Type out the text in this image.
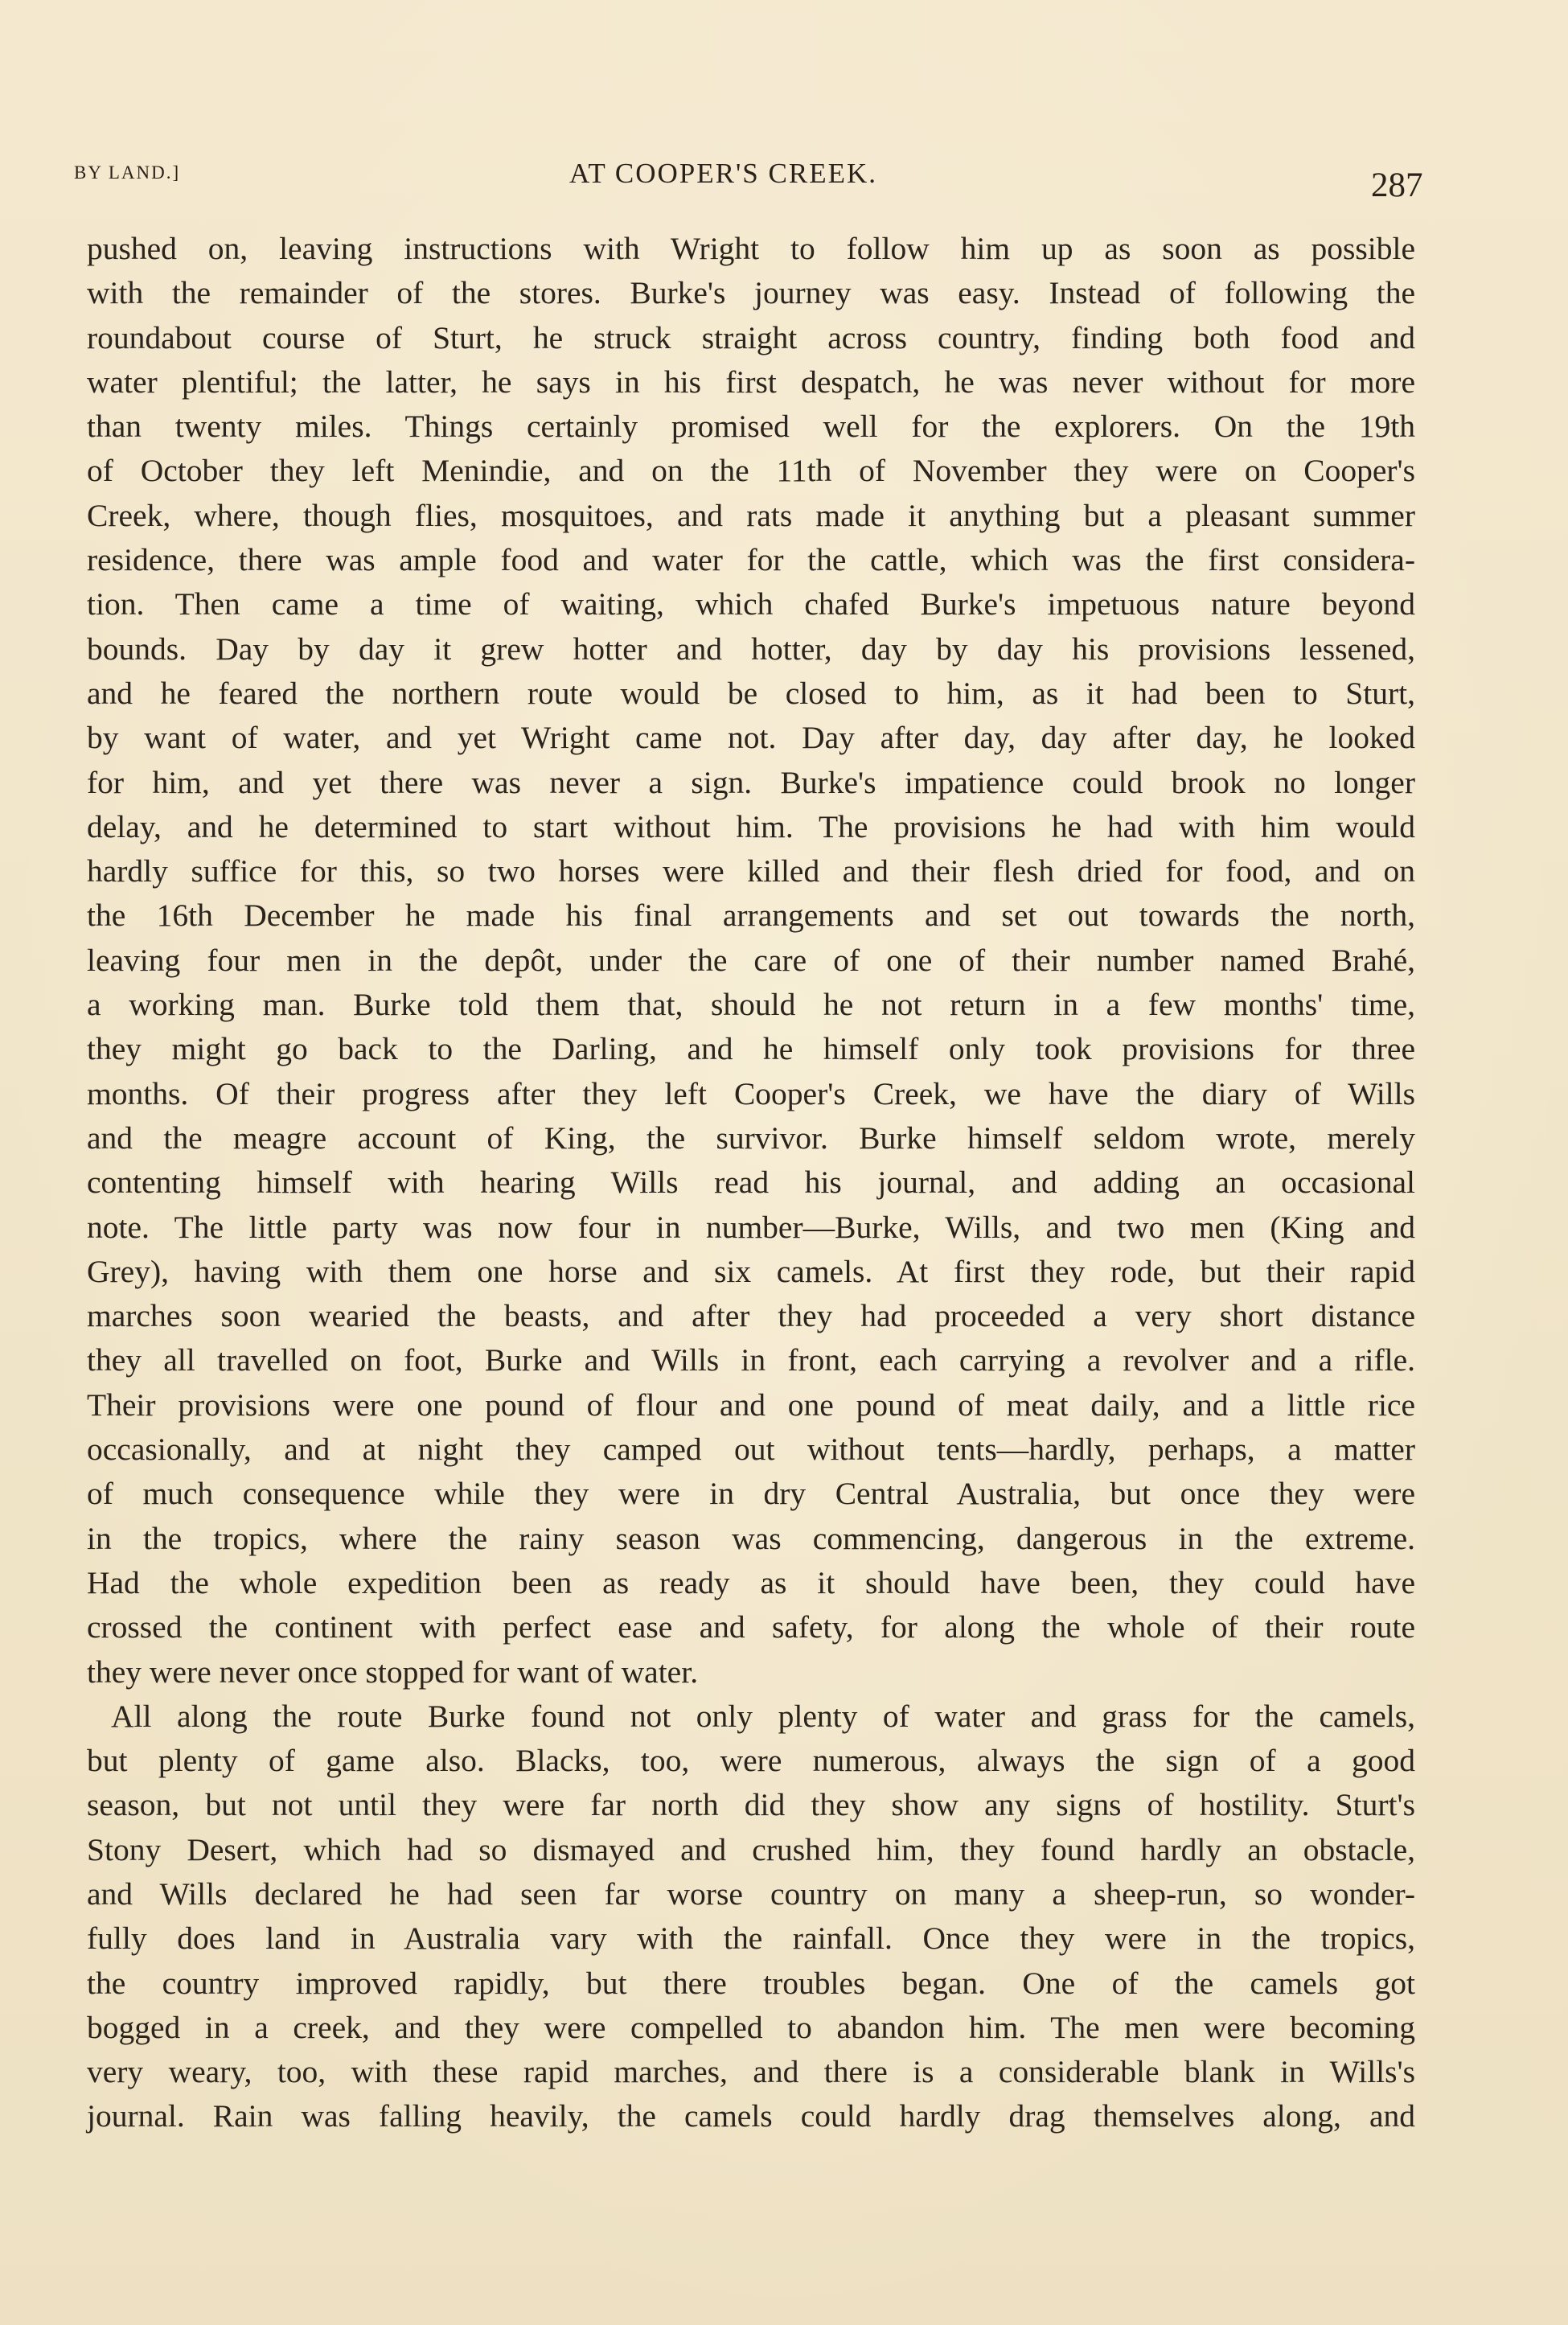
BY LAND.]	AT COOPER'S CREEK.	287
pushed on, leaving instructions with Wright to follow him up as soon as possible
with the remainder of the stores. Burke's journey was easy. Instead of following the
roundabout course of Sturt, he struck straight across country, finding both food and
water plentiful; the latter, he says in his first despatch, he was never without for more
than twenty miles. Things certainly promised well for the explorers. On the 19th
of October they left Menindie, and on the 11th of November they were on Cooper's
Creek, where, though flies, mosquitoes, and rats made it anything but a pleasant summer
residence, there was ample food and water for the cattle, which was the first considera-
tion. Then came a time of waiting, which chafed Burke's impetuous nature beyond
bounds. Day by day it grew hotter and hotter, day by day his provisions lessened,
and he feared the northern route would be closed to him, as it had been to Sturt,
by want of water, and yet Wright came not. Day after day, day after day, he looked
for him, and yet there was never a sign. Burke's impatience could brook no longer
delay, and he determined to start without him. The provisions he had with him would
hardly suffice for this, so two horses were killed and their flesh dried for food, and on
the 16th December he made his final arrangements and set out towards the north,
leaving four men in the depôt, under the care of one of their number named Brahé,
a working man. Burke told them that, should he not return in a few months' time,
they might go back to the Darling, and he himself only took provisions for three
months. Of their progress after they left Cooper's Creek, we have the diary of Wills
and the meagre account of King, the survivor. Burke himself seldom wrote, merely
contenting himself with hearing Wills read his journal, and adding an occasional
note. The little party was now four in number—Burke, Wills, and two men (King and
Grey), having with them one horse and six camels. At first they rode, but their rapid
marches soon wearied the beasts, and after they had proceeded a very short distance
they all travelled on foot, Burke and Wills in front, each carrying a revolver and a rifle.
Their provisions were one pound of flour and one pound of meat daily, and a little rice
occasionally, and at night they camped out without tents—hardly, perhaps, a matter
of much consequence while they were in dry Central Australia, but once they were
in the tropics, where the rainy season was commencing, dangerous in the extreme.
Had the whole expedition been as ready as it should have been, they could have
crossed the continent with perfect ease and safety, for along the whole of their route
they were never once stopped for want of water.
All along the route Burke found not only plenty of water and grass for the camels,
but plenty of game also. Blacks, too, were numerous, always the sign of a good
season, but not until they were far north did they show any signs of hostility. Sturt's
Stony Desert, which had so dismayed and crushed him, they found hardly an obstacle,
and Wills declared he had seen far worse country on many a sheep-run, so wonder-
fully does land in Australia vary with the rainfall. Once they were in the tropics,
the country improved rapidly, but there troubles began. One of the camels got
bogged in a creek, and they were compelled to abandon him. The men were becoming
very weary, too, with these rapid marches, and there is a considerable blank in Wills's
journal. Rain was falling heavily, the camels could hardly drag themselves along, and
